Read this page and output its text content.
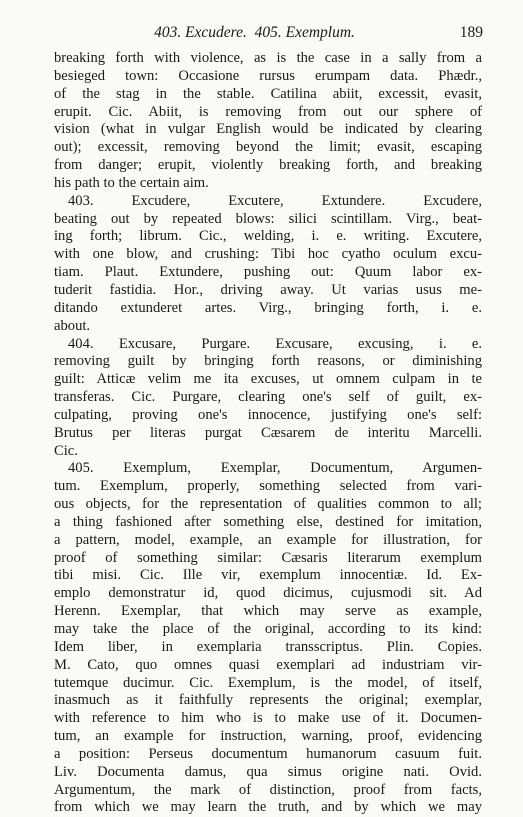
403. Excudere. 405. Exemplum.	189
breaking forth with violence, as is the case in a sally from a
besieged town: Occasione rursus erumpam data. Phædr.,
of the stag in the stable. Catilina abiit, excessit, evasit,
erupit. Cic. Abiit, is removing from out our sphere of
vision (what in vulgar English would be indicated by clearing
out); excessit, removing beyond the limit; evasit, escaping
from danger; erupit, violently breaking forth, and breaking
his path to the certain aim.
403. Excudere, Excutere, Extundere. Excudere,
beating out by repeated blows: silici scintillam. Virg., beat-
ing forth; librum. Cic., welding, i. e. writing. Excutere,
with one blow, and crushing: Tibi hoc cyatho oculum excu-
tiam. Plaut. Extundere, pushing out: Quum labor ex-
tuderit fastidia. Hor., driving away. Ut varias usus me-
ditando extunderet artes. Virg., bringing forth, i. e.
about.
404. Excusare, Purgare. Excusare, excusing, i. e.
removing guilt by bringing forth reasons, or diminishing
guilt: Atticæ velim me ita excuses, ut omnem culpam in te
transferas. Cic. Purgare, clearing one's self of guilt, ex-
culpating, proving one's innocence, justifying one's self:
Brutus per literas purgat Cæsarem de interitu Marcelli.
Cic.
405. Exemplum, Exemplar, Documentum, Argumen-
tum. Exemplum, properly, something selected from vari-
ous objects, for the representation of qualities common to all;
a thing fashioned after something else, destined for imitation,
a pattern, model, example, an example for illustration, for
proof of something similar: Cæsaris literarum exemplum
tibi misi. Cic. Ille vir, exemplum innocentiæ. Id. Ex-
emplo demonstratur id, quod dicimus, cujusmodi sit. Ad
Herenn. Exemplar, that which may serve as example,
may take the place of the original, according to its kind:
Idem liber, in exemplaria transscriptus. Plin. Copies.
M. Cato, quo omnes quasi exemplari ad industriam vir-
tutemque ducimur. Cic. Exemplum, is the model, of itself,
inasmuch as it faithfully represents the original; exemplar,
with reference to him who is to make use of it. Documen-
tum, an example for instruction, warning, proof, evidencing
a position: Perseus documentum humanorum casuum fuit.
Liv. Documenta damus, qua simus origine nati. Ovid.
Argumentum, the mark of distinction, proof from facts,
from which we may learn the truth, and by which we may
